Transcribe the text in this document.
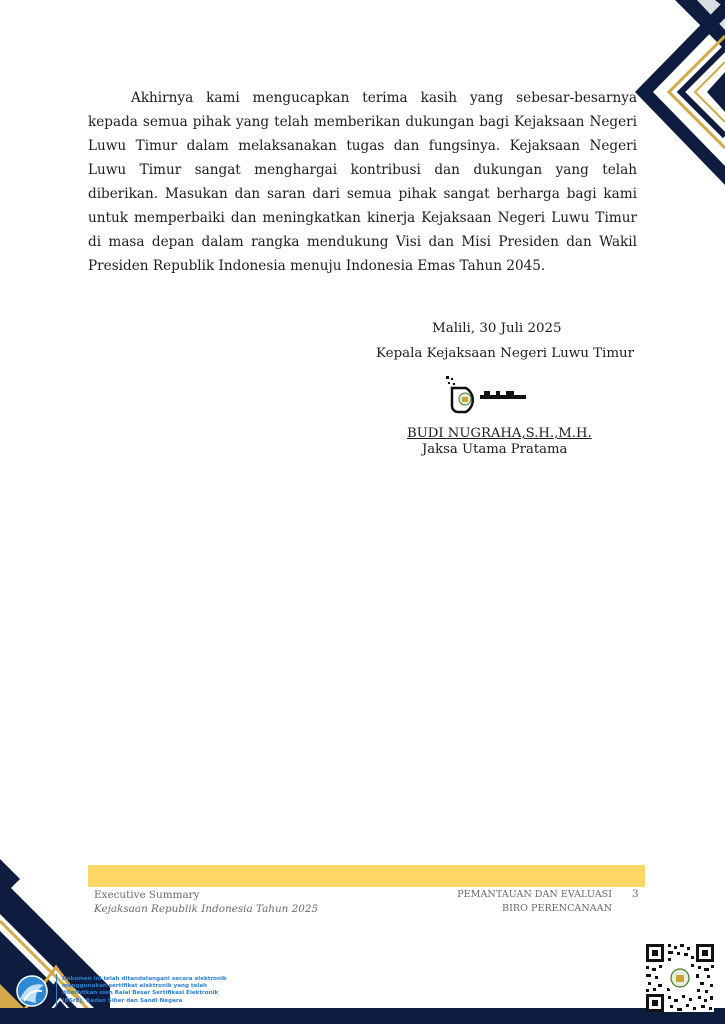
Akhirnya kami mengucapkan terima kasih yang sebesar-besarnya kepada semua pihak yang telah memberikan dukungan bagi Kejaksaan Negeri Luwu Timur dalam melaksanakan tugas dan fungsinya. Kejaksaan Negeri Luwu Timur sangat menghargai kontribusi dan dukungan yang telah diberikan. Masukan dan saran dari semua pihak sangat berharga bagi kami untuk memperbaiki dan meningkatkan kinerja Kejaksaan Negeri Luwu Timur di masa depan dalam rangka mendukung Visi dan Misi Presiden dan Wakil Presiden Republik Indonesia menuju Indonesia Emas Tahun 2045.

Malili, 30 Juli 2025
Kepala Kejaksaan Negeri Luwu Timur
BUDI NUGRAHA,S.H.,M.H.
Jaksa Utama Pratama
Executive Summary
Kejaksaan Republik Indonesia Tahun 2025
PEMANTAUAN DAN EVALUASI
BIRO PERENCANAAN
3
Dokumen ini telah ditandatangani secara elektronik menggunakan sertifikat elektronik yang telah diterbitkan oleh Balai Besar Sertifikasi Elektronik (BSrE), Badan Siber dan Sandi Negara
